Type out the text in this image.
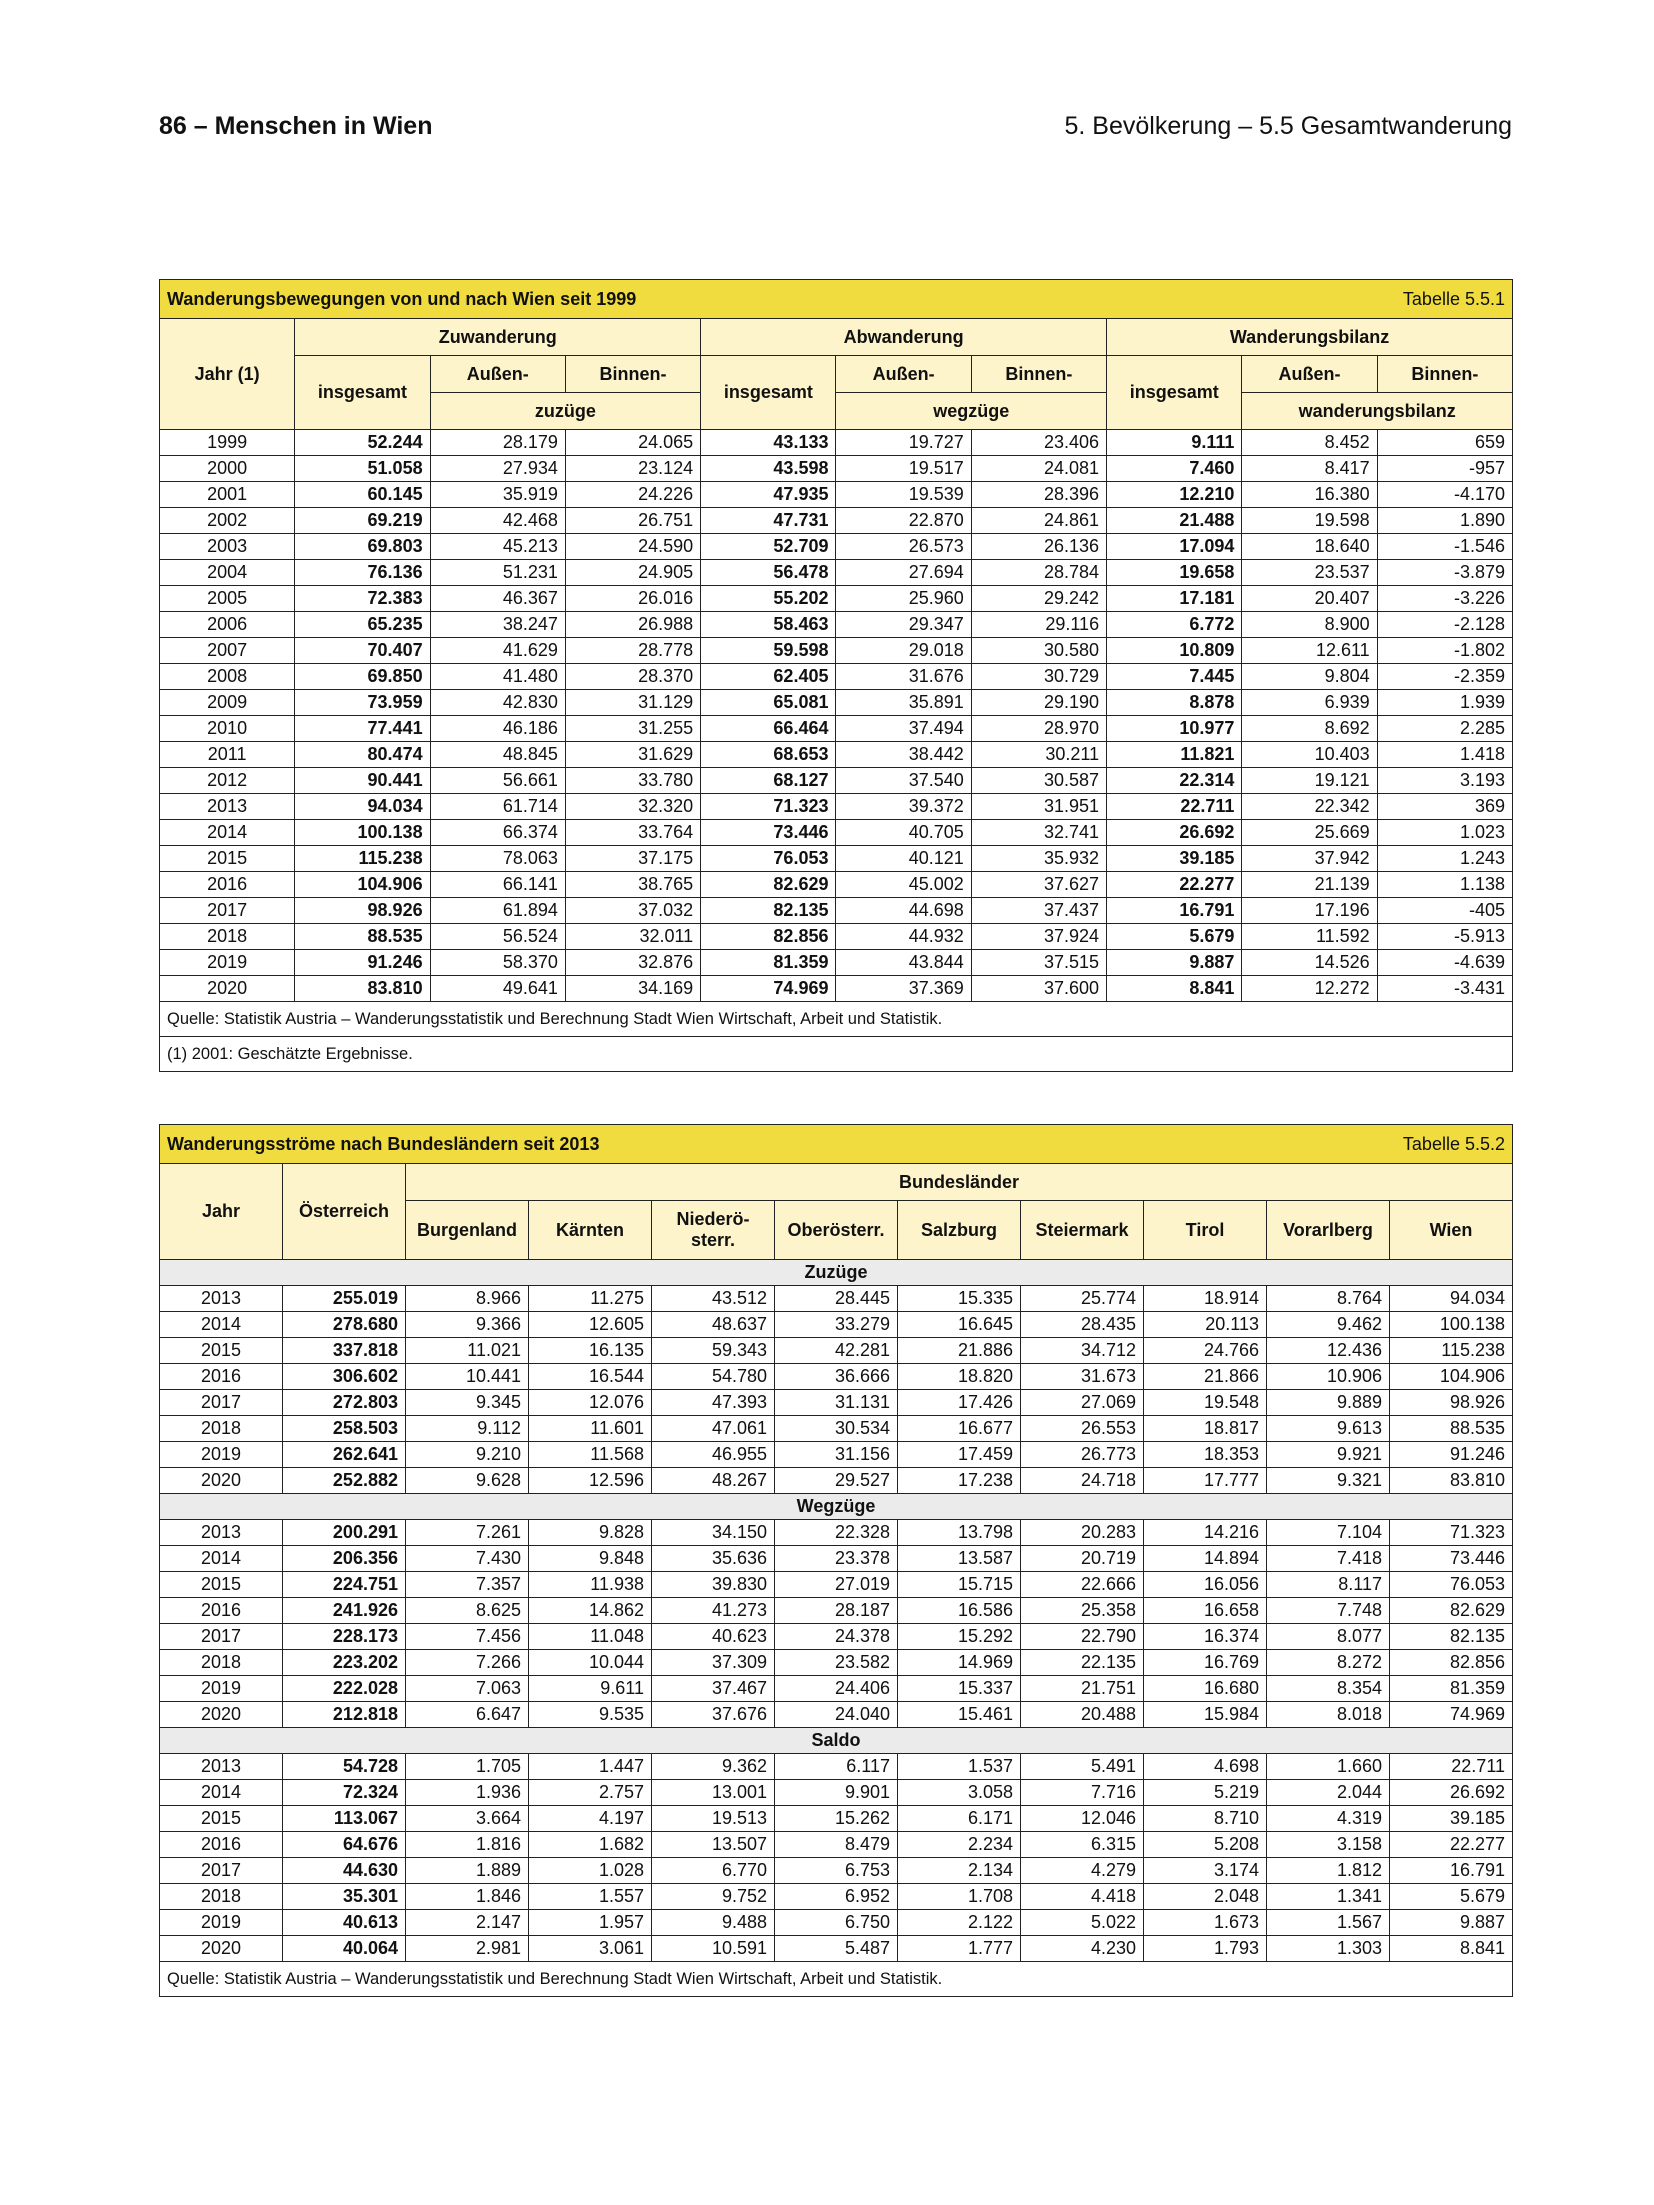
86 – Menschen in Wien	5. Bevölkerung – 5.5 Gesamtwanderung
Wanderungsbewegungen von und nach Wien seit 1999 Tabelle 5.5.1									

Jahr (1)	Zuwanderung			Abwanderung			Wanderungsbilanz		
	insgesamt	Außen-	Binnen-	insgesamt	Außen-	Binnen-	insgesamt	Außen-	Binnen-
		zuzüge			wegzüge			wanderungsbilanz	
1999	52.244	28.179	24.065	43.133	19.727	23.406	9.111	8.452	659
2000	51.058	27.934	23.124	43.598	19.517	24.081	7.460	8.417	-957
2001	60.145	35.919	24.226	47.935	19.539	28.396	12.210	16.380	-4.170
2002	69.219	42.468	26.751	47.731	22.870	24.861	21.488	19.598	1.890
2003	69.803	45.213	24.590	52.709	26.573	26.136	17.094	18.640	-1.546
2004	76.136	51.231	24.905	56.478	27.694	28.784	19.658	23.537	-3.879
2005	72.383	46.367	26.016	55.202	25.960	29.242	17.181	20.407	-3.226
2006	65.235	38.247	26.988	58.463	29.347	29.116	6.772	8.900	-2.128
2007	70.407	41.629	28.778	59.598	29.018	30.580	10.809	12.611	-1.802
2008	69.850	41.480	28.370	62.405	31.676	30.729	7.445	9.804	-2.359
2009	73.959	42.830	31.129	65.081	35.891	29.190	8.878	6.939	1.939
2010	77.441	46.186	31.255	66.464	37.494	28.970	10.977	8.692	2.285
2011	80.474	48.845	31.629	68.653	38.442	30.211	11.821	10.403	1.418
2012	90.441	56.661	33.780	68.127	37.540	30.587	22.314	19.121	3.193
2013	94.034	61.714	32.320	71.323	39.372	31.951	22.711	22.342	369
2014	100.138	66.374	33.764	73.446	40.705	32.741	26.692	25.669	1.023
2015	115.238	78.063	37.175	76.053	40.121	35.932	39.185	37.942	1.243
2016	104.906	66.141	38.765	82.629	45.002	37.627	22.277	21.139	1.138
2017	98.926	61.894	37.032	82.135	44.698	37.437	16.791	17.196	-405
2018	88.535	56.524	32.011	82.856	44.932	37.924	5.679	11.592	-5.913
2019	91.246	58.370	32.876	81.359	43.844	37.515	9.887	14.526	-4.639
2020	83.810	49.641	34.169	74.969	37.369	37.600	8.841	12.272	-3.431
Quelle: Statistik Austria – Wanderungsstatistik und Berechnung Stadt Wien Wirtschaft, Arbeit und Statistik.									
(1) 2001: Geschätzte Ergebnisse.									
Wanderungsströme nach Bundesländern seit 2013 Tabelle 5.5.2										

Jahr	Österreich	Bundesländer								
		Burgenland	Kärnten	Niederö-sterr.	Oberösterr.	Salzburg	Steiermark	Tirol	Vorarlberg	Wien
Zuzüge										
2013	255.019	8.966	11.275	43.512	28.445	15.335	25.774	18.914	8.764	94.034
2014	278.680	9.366	12.605	48.637	33.279	16.645	28.435	20.113	9.462	100.138
2015	337.818	11.021	16.135	59.343	42.281	21.886	34.712	24.766	12.436	115.238
2016	306.602	10.441	16.544	54.780	36.666	18.820	31.673	21.866	10.906	104.906
2017	272.803	9.345	12.076	47.393	31.131	17.426	27.069	19.548	9.889	98.926
2018	258.503	9.112	11.601	47.061	30.534	16.677	26.553	18.817	9.613	88.535
2019	262.641	9.210	11.568	46.955	31.156	17.459	26.773	18.353	9.921	91.246
2020	252.882	9.628	12.596	48.267	29.527	17.238	24.718	17.777	9.321	83.810
Wegzüge										
2013	200.291	7.261	9.828	34.150	22.328	13.798	20.283	14.216	7.104	71.323
2014	206.356	7.430	9.848	35.636	23.378	13.587	20.719	14.894	7.418	73.446
2015	224.751	7.357	11.938	39.830	27.019	15.715	22.666	16.056	8.117	76.053
2016	241.926	8.625	14.862	41.273	28.187	16.586	25.358	16.658	7.748	82.629
2017	228.173	7.456	11.048	40.623	24.378	15.292	22.790	16.374	8.077	82.135
2018	223.202	7.266	10.044	37.309	23.582	14.969	22.135	16.769	8.272	82.856
2019	222.028	7.063	9.611	37.467	24.406	15.337	21.751	16.680	8.354	81.359
2020	212.818	6.647	9.535	37.676	24.040	15.461	20.488	15.984	8.018	74.969
Saldo										
2013	54.728	1.705	1.447	9.362	6.117	1.537	5.491	4.698	1.660	22.711
2014	72.324	1.936	2.757	13.001	9.901	3.058	7.716	5.219	2.044	26.692
2015	113.067	3.664	4.197	19.513	15.262	6.171	12.046	8.710	4.319	39.185
2016	64.676	1.816	1.682	13.507	8.479	2.234	6.315	5.208	3.158	22.277
2017	44.630	1.889	1.028	6.770	6.753	2.134	4.279	3.174	1.812	16.791
2018	35.301	1.846	1.557	9.752	6.952	1.708	4.418	2.048	1.341	5.679
2019	40.613	2.147	1.957	9.488	6.750	2.122	5.022	1.673	1.567	9.887
2020	40.064	2.981	3.061	10.591	5.487	1.777	4.230	1.793	1.303	8.841
Quelle: Statistik Austria – Wanderungsstatistik und Berechnung Stadt Wien Wirtschaft, Arbeit und Statistik.										
